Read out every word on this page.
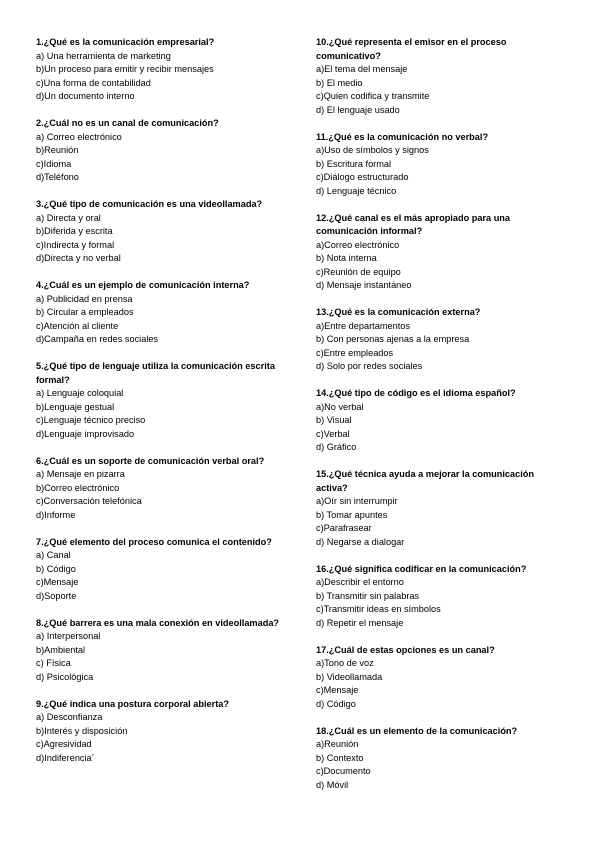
1.¿Qué es la comunicación empresarial?
a) Una herramienta de marketing
b)Un proceso para emitir y recibir mensajes
c)Una forma de contabilidad
d)Un documento interno
2.¿Cuál no es un canal de comunicación?
a) Correo electrónico
b)Reunión
c)Idioma
d)Teléfono
3.¿Qué tipo de comunicación es una videollamada?
a) Directa y oral
b)Diferida y escrita
c)Indirecta y formal
d)Directa y no verbal
4.¿Cuál es un ejemplo de comunicación interna?
a) Publicidad en prensa
b) Circular a empleados
c)Atención al cliente
d)Campaña en redes sociales
5.¿Qué tipo de lenguaje utiliza la comunicación escrita formal?
a) Lenguaje coloquial
b)Lenguaje gestual
c)Lenguaje técnico preciso
d)Lenguaje improvisado
6.¿Cuál es un soporte de comunicación verbal oral?
a) Mensaje en pizarra
b)Correo electrónico
c)Conversación telefónica
d)Informe
7.¿Qué elemento del proceso comunica el contenido?
a) Canal
b) Código
c)Mensaje
d)Soporte
8.¿Qué barrera es una mala conexión en videollamada?
a) Interpersonal
b)Ambiental
c) Física
d) Psicológica
9.¿Qué indica una postura corporal abierta?
a) Desconfianza
b)Interés y disposición
c)Agresividad
d)Indiferencia´
10.¿Qué representa el emisor en el proceso comunicativo?
a)El tema del mensaje
b) El medio
c)Quien codifica y transmite
d) El lenguaje usado
11.¿Qué es la comunicación no verbal?
a)Uso de símbolos y signos
b) Escritura formal
c)Diálogo estructurado
d) Lenguaje técnico
12.¿Qué canal es el más apropiado para una comunicación informal?
a)Correo electrónico
b) Nota interna
c)Reunión de equipo
d) Mensaje instantáneo
13.¿Qué es la comunicación externa?
a)Entre departamentos
b) Con personas ajenas a la empresa
c)Entre empleados
d) Solo por redes sociales
14.¿Qué tipo de código es el idioma español?
a)No verbal
b) Visual
c)Verbal
d) Gráfico
15.¿Qué técnica ayuda a mejorar la comunicación activa?
a)Oír sin interrumpir
b) Tomar apuntes
c)Parafrasear
d) Negarse a dialogar
16.¿Qué significa codificar en la comunicación?
a)Describir el entorno
b) Transmitir sin palabras
c)Transmitir ideas en símbolos
d) Repetir el mensaje
17.¿Cuál de estas opciones es un canal?
a)Tono de voz
b) Videollamada
c)Mensaje
d) Código
18.¿Cuál es un elemento de la comunicación?
a)Reunión
b) Contexto
c)Documento
d) Móvil
